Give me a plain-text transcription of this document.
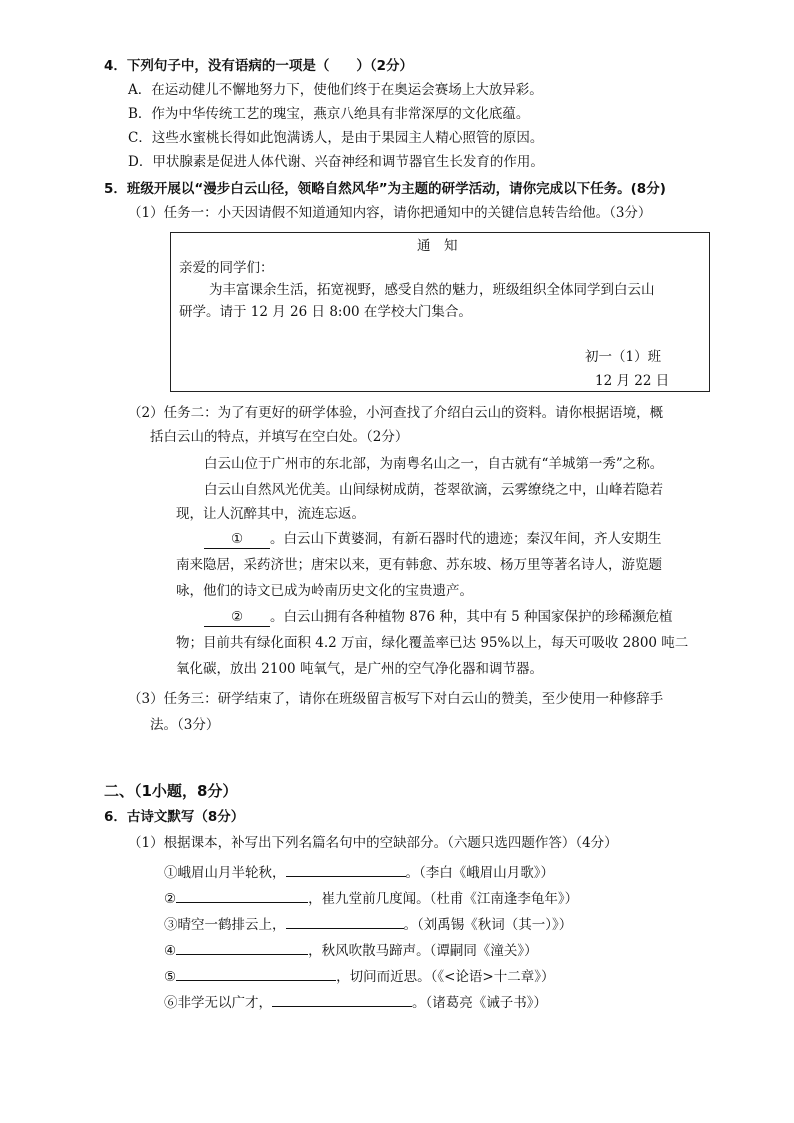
4．下列句子中，没有语病的一项是（　　）（2分）
A．在运动健儿不懈地努力下，使他们终于在奥运会赛场上大放异彩。
B．作为中华传统工艺的瑰宝，燕京八绝具有非常深厚的文化底蕴。
C．这些水蜜桃长得如此饱满诱人，是由于果园主人精心照管的原因。
D．甲状腺素是促进人体代谢、兴奋神经和调节器官生长发育的作用。
5．班级开展以“漫步白云山径，领略自然风华”为主题的研学活动，请你完成以下任务。(8分)
（1）任务一：小天因请假不知道通知内容，请你把通知中的关键信息转告给他。（3分）
通　知
亲爱的同学们：
为丰富课余生活，拓宽视野，感受自然的魅力，班级组织全体同学到白云山
研学。请于 12 月 26 日 8:00 在学校大门集合。
初一（1）班
12 月 22 日
（2）任务二：为了有更好的研学体验，小河查找了介绍白云山的资料。请你根据语境，概
括白云山的特点，并填写在空白处。（2分）
白云山位于广州市的东北部，为南粤名山之一，自古就有“羊城第一秀”之称。
白云山自然风光优美。山间绿树成荫，苍翠欲滴，云雾缭绕之中，山峰若隐若
现，让人沉醉其中，流连忘返。
① 。白云山下黄婆洞，有新石器时代的遗迹；秦汉年间，齐人安期生
南来隐居，采药济世；唐宋以来，更有韩愈、苏东坡、杨万里等著名诗人，游览题
咏，他们的诗文已成为岭南历史文化的宝贵遗产。
② 。白云山拥有各种植物 876 种，其中有 5 种国家保护的珍稀濒危植
物；目前共有绿化面积 4.2 万亩，绿化覆盖率已达 95%以上，每天可吸收 2800 吨二
氧化碳，放出 2100 吨氧气，是广州的空气净化器和调节器。
（3）任务三：研学结束了，请你在班级留言板写下对白云山的赞美，至少使用一种修辞手
法。（3分）
二、（1小题，8分）
6．古诗文默写（8分）
（1）根据课本，补写出下列名篇名句中的空缺部分。（六题只选四题作答）（4分）
①峨眉山月半轮秋，	。（李白《峨眉山月歌》）
②	，崔九堂前几度闻。（杜甫《江南逢李龟年》）
③晴空一鹤排云上，	。（刘禹锡《秋词（其一）》）
④	，秋风吹散马蹄声。（谭嗣同《潼关》）
⑤	，切问而近思。（《<论语>十二章》）
⑥非学无以广才，	。（诸葛亮《诫子书》）
